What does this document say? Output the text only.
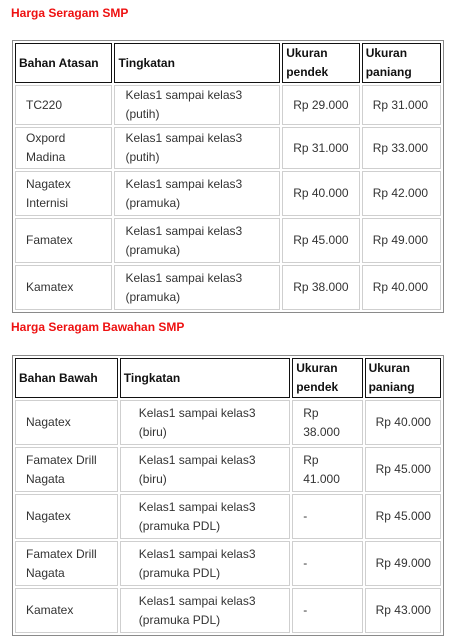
Harga Seragam SMP
Bahan Atasan	Tingkatan	Ukuran pendek	Ukuran paniang
TC220	Kelas1 sampai kelas3 (putih)	Rp 29.000	Rp 31.000
Oxpord Madina	Kelas1 sampai kelas3 (putih)	Rp 31.000	Rp 33.000
Nagatex Internisi	Kelas1 sampai kelas3 (pramuka)	Rp 40.000	Rp 42.000
Famatex	Kelas1 sampai kelas3 (pramuka)	Rp 45.000	Rp 49.000
Kamatex	Kelas1 sampai kelas3 (pramuka)	Rp 38.000	Rp 40.000
Harga Seragam Bawahan SMP
Bahan Bawah	Tingkatan	Ukuran pendek	Ukuran paniang
Nagatex	Kelas1 sampai kelas3 (biru)	Rp 38.000	Rp 40.000
Famatex Drill Nagata	Kelas1 sampai kelas3 (biru)	Rp 41.000	Rp 45.000
Nagatex	Kelas1 sampai kelas3 (pramuka PDL)	-	Rp 45.000
Famatex Drill Nagata	Kelas1 sampai kelas3 (pramuka PDL)	-	Rp 49.000
Kamatex	Kelas1 sampai kelas3 (pramuka PDL)	-	Rp 43.000
